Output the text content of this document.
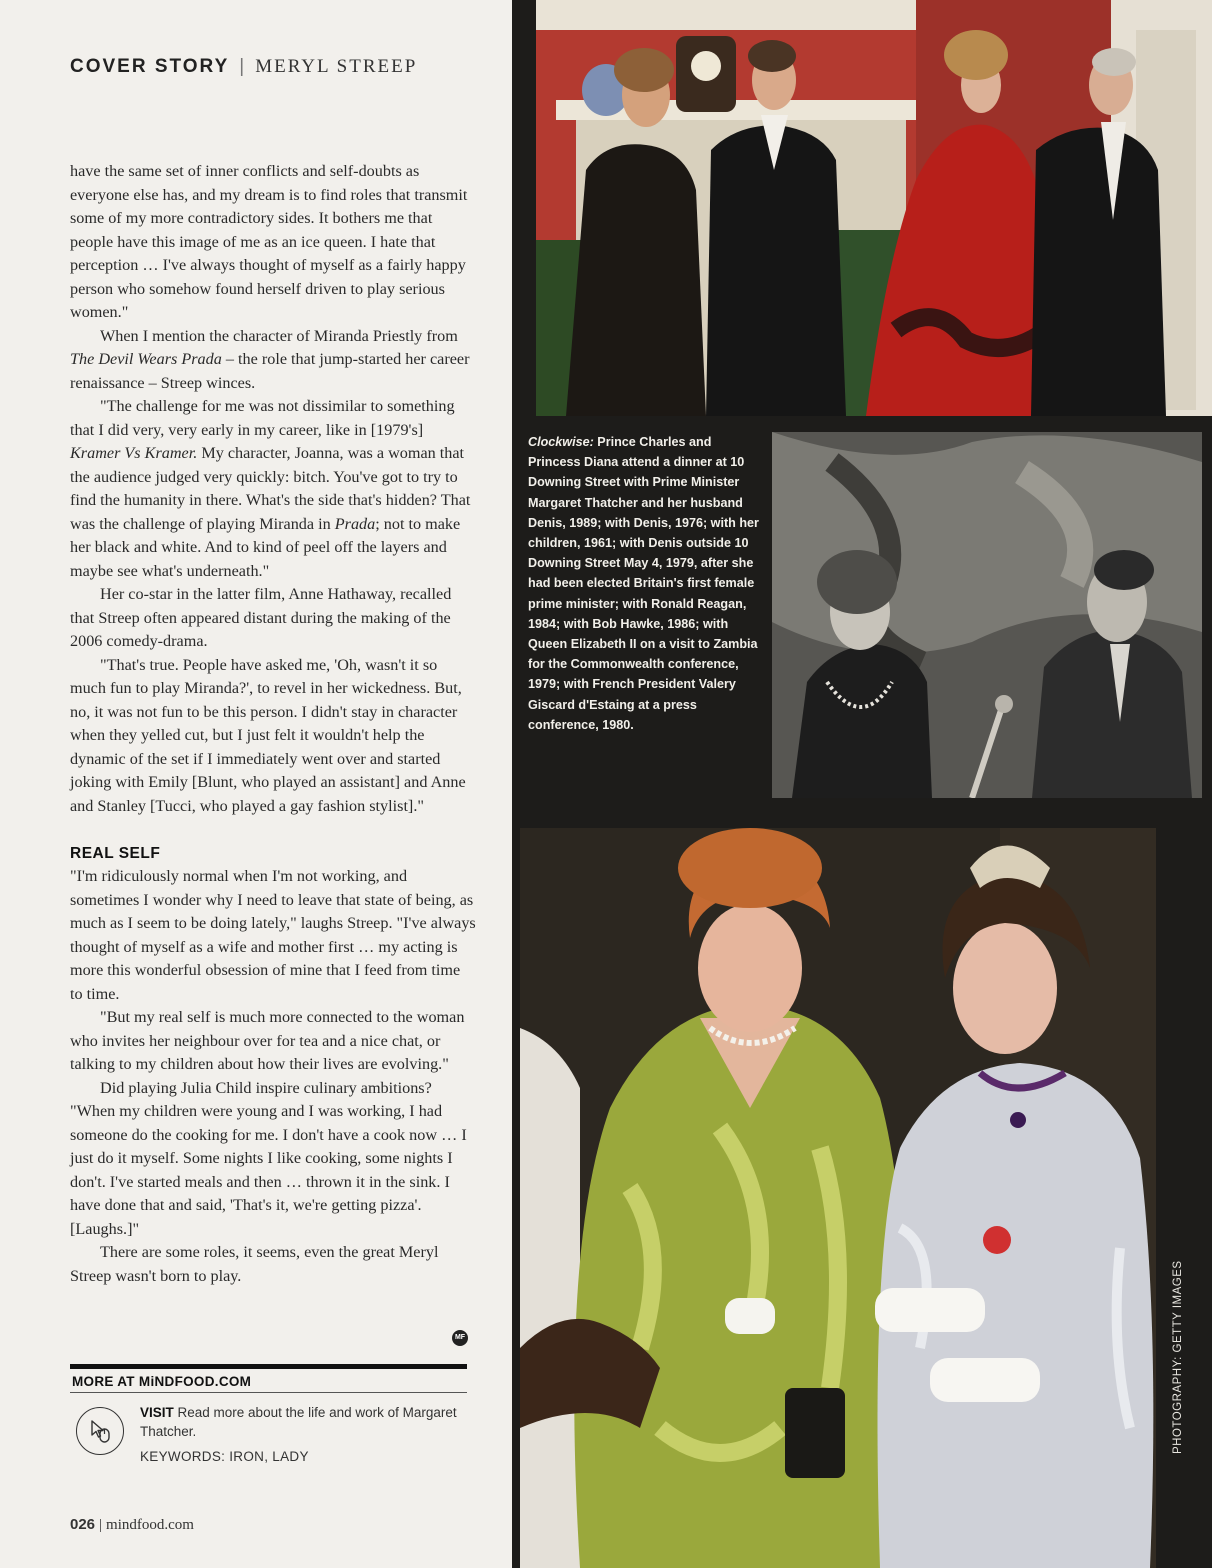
COVER STORY | MERYL STREEP

have the same set of inner conflicts and self-doubts as everyone else has, and my dream is to find roles that transmit some of my more contradictory sides. It bothers me that people have this image of me as an ice queen. I hate that perception … I've always thought of myself as a fairly happy person who somehow found herself driven to play serious women."

When I mention the character of Miranda Priestly from The Devil Wears Prada – the role that jump-started her career renaissance – Streep winces.

"The challenge for me was not dissimilar to something that I did very, very early in my career, like in [1979's] Kramer Vs Kramer. My character, Joanna, was a woman that the audience judged very quickly: bitch. You've got to try to find the humanity in there. What's the side that's hidden? That was the challenge of playing Miranda in Prada; not to make her black and white. And to kind of peel off the layers and maybe see what's underneath."

Her co-star in the latter film, Anne Hathaway, recalled that Streep often appeared distant during the making of the 2006 comedy-drama.

"That's true. People have asked me, 'Oh, wasn't it so much fun to play Miranda?', to revel in her wickedness. But, no, it was not fun to be this person. I didn't stay in character when they yelled cut, but I just felt it wouldn't help the dynamic of the set if I immediately went over and started joking with Emily [Blunt, who played an assistant] and Anne and Stanley [Tucci, who played a gay fashion stylist]."

REAL SELF

"I'm ridiculously normal when I'm not working, and sometimes I wonder why I need to leave that state of being, as much as I seem to be doing lately," laughs Streep. "I've always thought of myself as a wife and mother first … my acting is more this wonderful obsession of mine that I feed from time to time.

"But my real self is much more connected to the woman who invites her neighbour over for tea and a nice chat, or talking to my children about how their lives are evolving."

Did playing Julia Child inspire culinary ambitions? "When my children were young and I was working, I had someone do the cooking for me. I don't have a cook now … I just do it myself. Some nights I like cooking, some nights I don't. I've started meals and then … thrown it in the sink. I have done that and said, 'That's it, we're getting pizza'. [Laughs.]"

There are some roles, it seems, even the great Meryl Streep wasn't born to play.

MF
MORE AT MiNDFOOD.COM
VISIT Read more about the life and work of Margaret Thatcher.
KEYWORDS: IRON, LADY
026 | mindfood.com
Clockwise: Prince Charles and Princess Diana attend a dinner at 10 Downing Street with Prime Minister Margaret Thatcher and her husband Denis, 1989; with Denis, 1976; with her children, 1961; with Denis outside 10 Downing Street May 4, 1979, after she had been elected Britain's first female prime minister; with Ronald Reagan, 1984; with Bob Hawke, 1986; with Queen Elizabeth II on a visit to Zambia for the Commonwealth conference, 1979; with French President Valery Giscard d'Estaing at a press conference, 1980.
PHOTOGRAPHY: GETTY IMAGES
